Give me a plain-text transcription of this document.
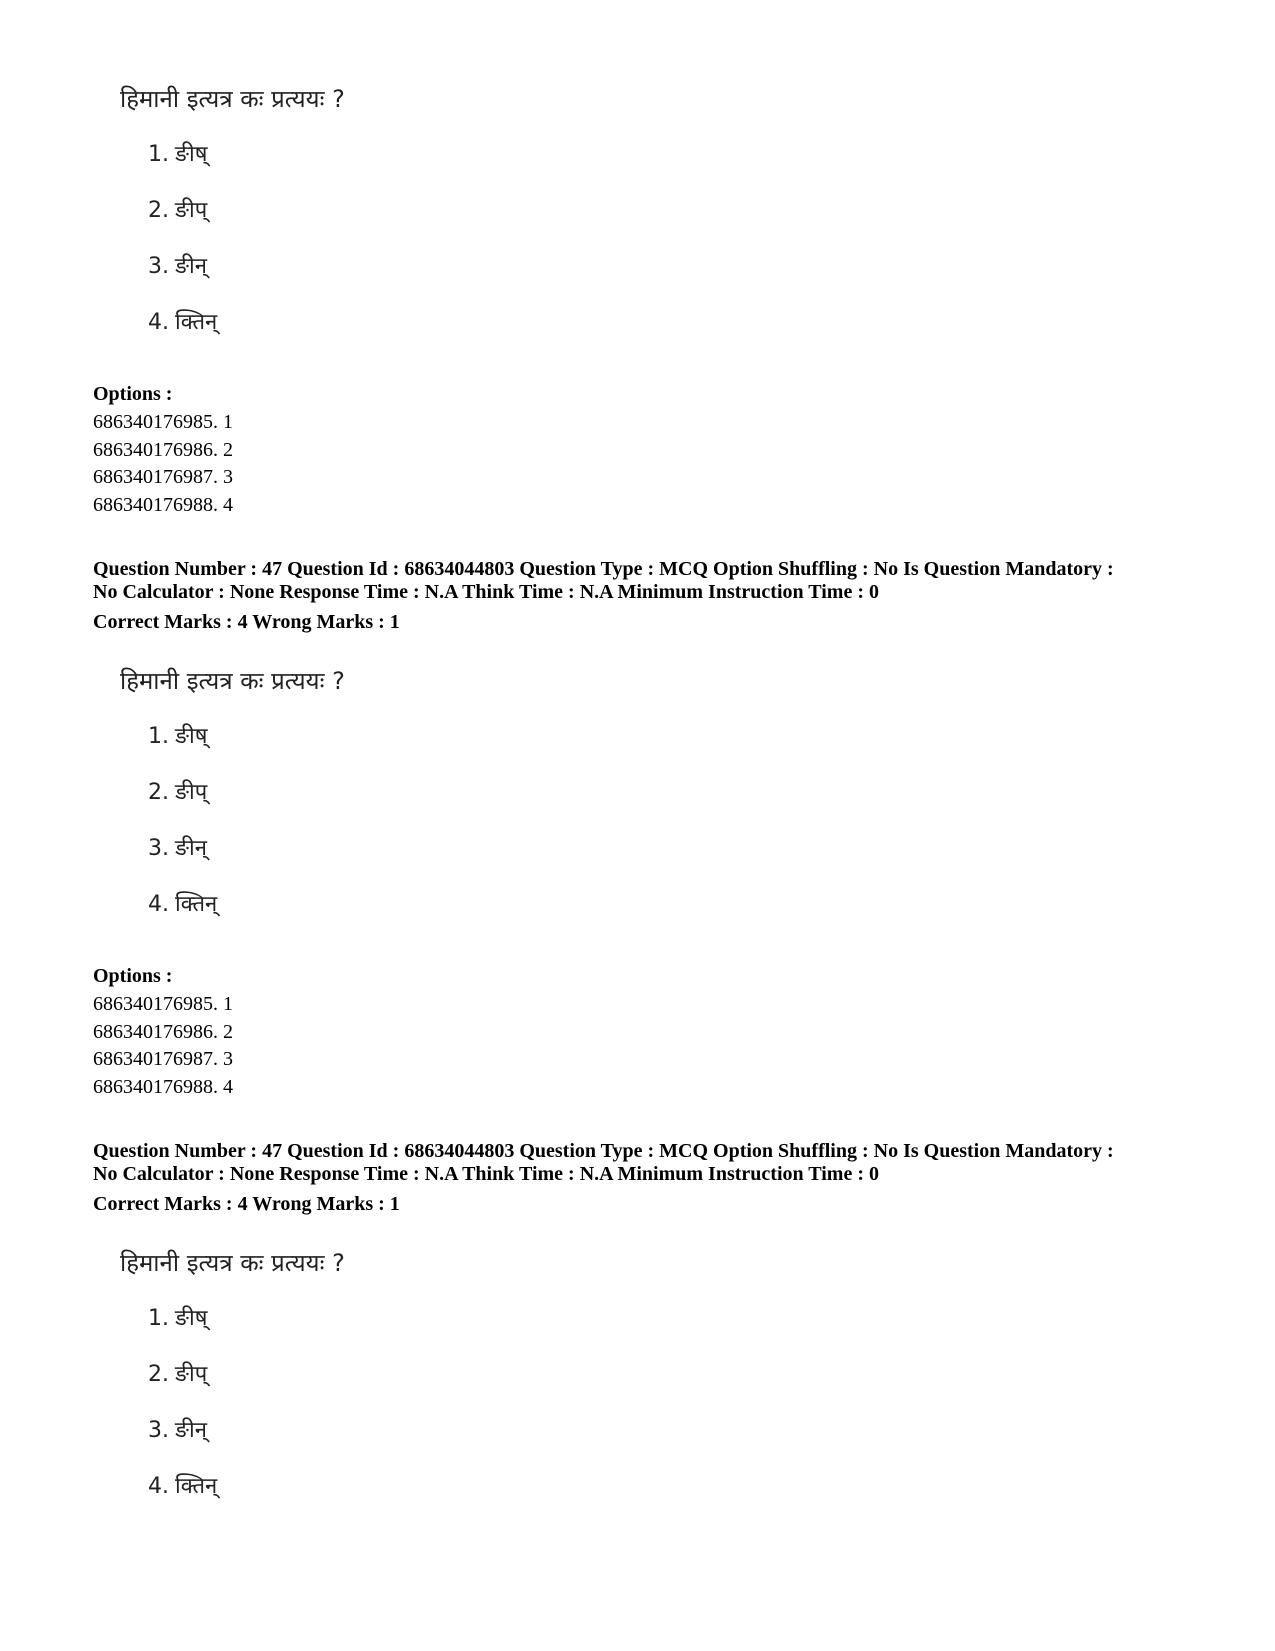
हिमानी इत्यत्र कः प्रत्ययः ?
1. ङीष्
2. ङीप्
3. ङीन्
4. क्तिन्
Options :
686340176985. 1
686340176986. 2
686340176987. 3
686340176988. 4
Question Number : 47 Question Id : 68634044803 Question Type : MCQ Option Shuffling : No Is Question Mandatory :
No Calculator : None Response Time : N.A Think Time : N.A Minimum Instruction Time : 0
Correct Marks : 4 Wrong Marks : 1
हिमानी इत्यत्र कः प्रत्ययः ?
1. ङीष्
2. ङीप्
3. ङीन्
4. क्तिन्
Options :
686340176985. 1
686340176986. 2
686340176987. 3
686340176988. 4
Question Number : 47 Question Id : 68634044803 Question Type : MCQ Option Shuffling : No Is Question Mandatory :
No Calculator : None Response Time : N.A Think Time : N.A Minimum Instruction Time : 0
Correct Marks : 4 Wrong Marks : 1
हिमानी इत्यत्र कः प्रत्ययः ?
1. ङीष्
2. ङीप्
3. ङीन्
4. क्तिन्
